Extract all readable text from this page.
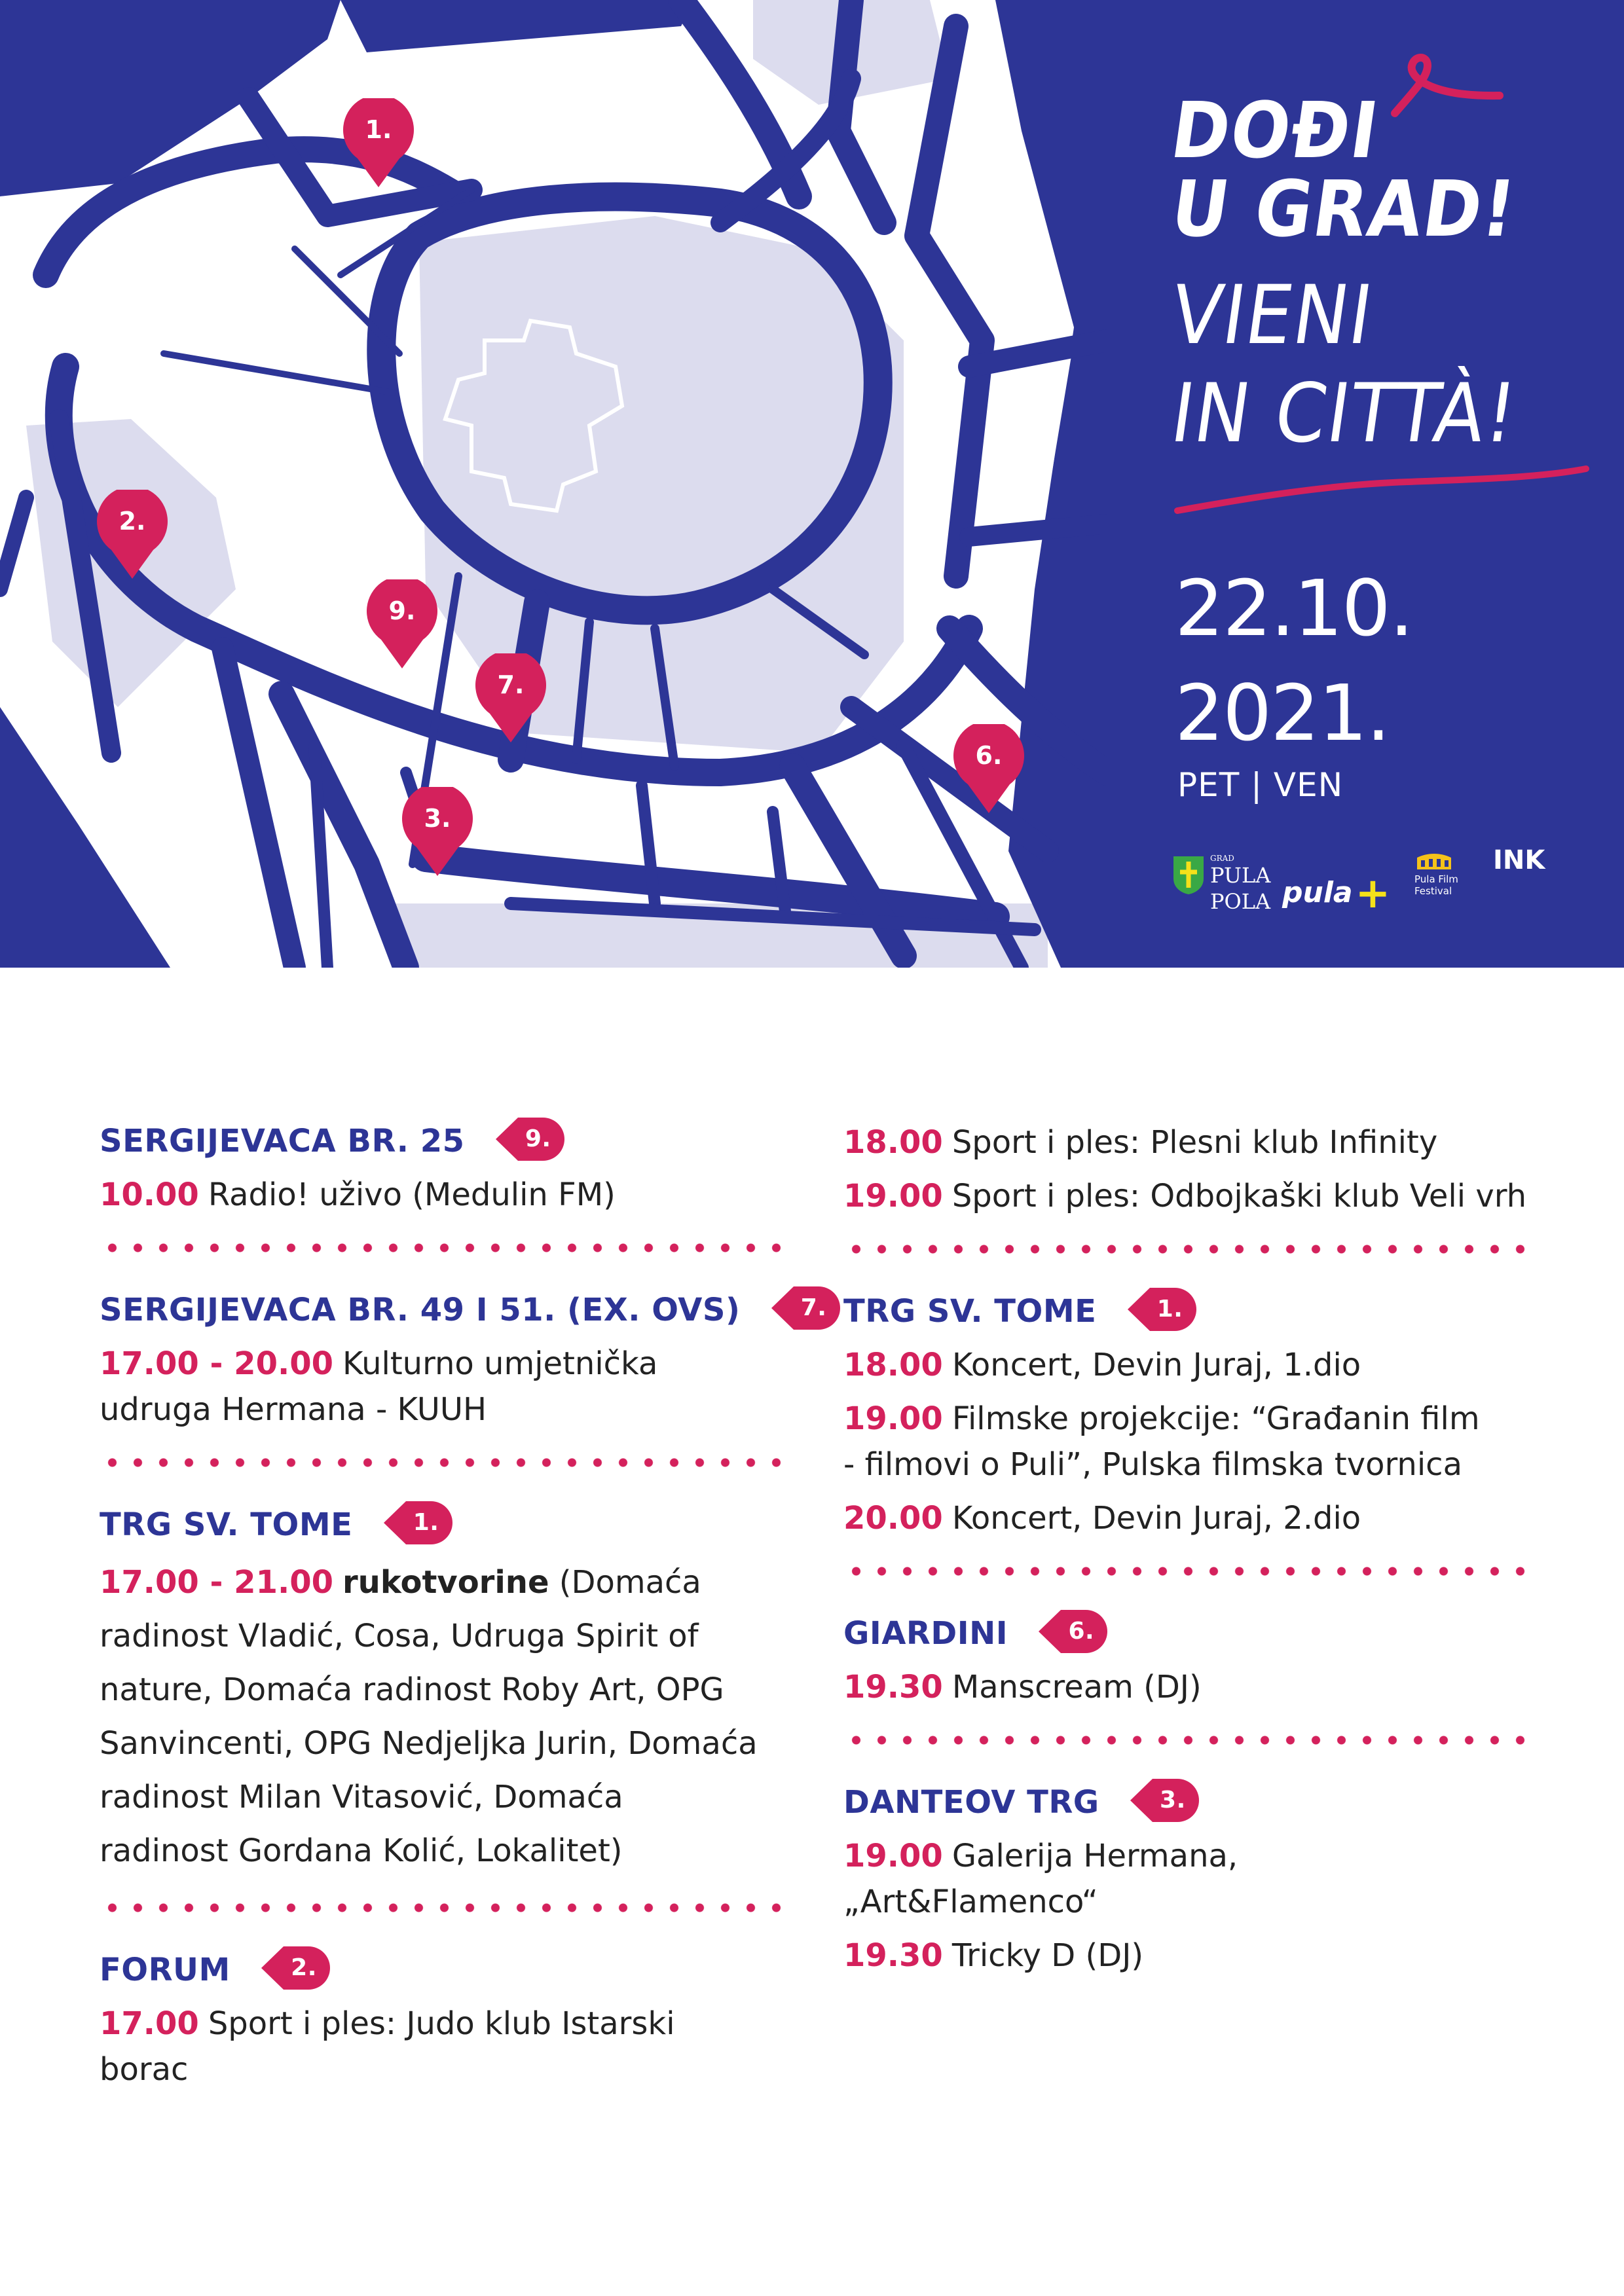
1.
2.
9.
7.
3.
6.
DOĐI
U GRAD!
VIENI
IN CITTÀ!
22.10.
2021.
PET | VEN
GRAD
PULA
POLA pula+ Pula Film Festival
INK
SERGIJEVACA BR. 25	9.
10.00 Radio! uživo (Medulin FM)
SERGIJEVACA BR. 49 I 51. (EX. OVS)	7.
17.00 - 20.00 Kulturno umjetnička udruga Hermana - KUUH
TRG SV. TOME	1.
17.00 - 21.00 rukotvorine (Domaća radinost Vladić, Cosa, Udruga Spirit of nature, Domaća radinost Roby Art, OPG Sanvincenti, OPG Nedjeljka Jurin, Domaća radinost Milan Vitasović, Domaća radinost Gordana Kolić, Lokalitet)
FORUM	2.
17.00 Sport i ples: Judo klub Istarski borac
18.00 Sport i ples: Plesni klub Infinity
19.00 Sport i ples: Odbojkaški klub Veli vrh
TRG SV. TOME	1.
18.00 Koncert, Devin Juraj, 1.dio
19.00 Filmske projekcije: “Građanin film - filmovi o Puli”, Pulska filmska tvornica
20.00 Koncert, Devin Juraj, 2.dio
GIARDINI	6.
19.30 Manscream (DJ)
DANTEOV TRG	3.
19.00 Galerija Hermana, „Art&Flamenco“
19.30 Tricky D (DJ)
